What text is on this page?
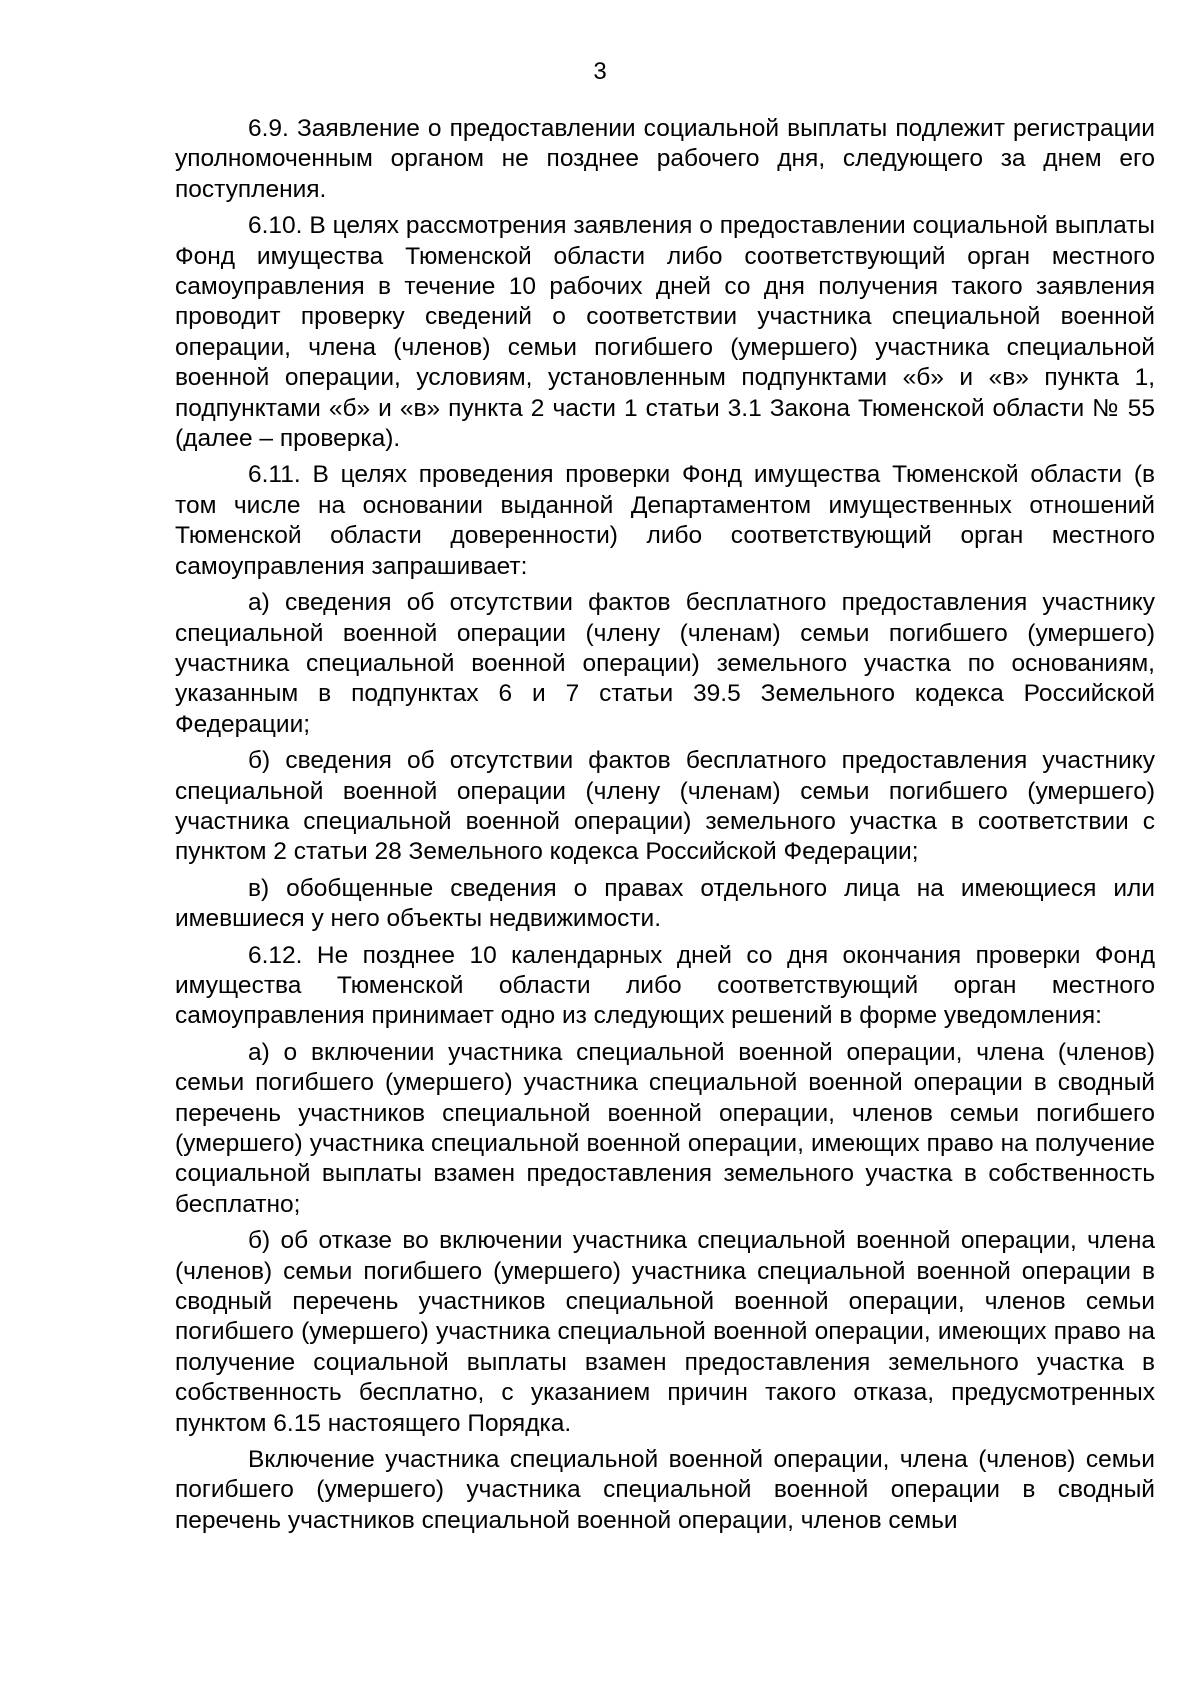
3

6.9. Заявление о предоставлении социальной выплаты подлежит регистрации уполномоченным органом не позднее рабочего дня, следующего за днем его поступления.

6.10. В целях рассмотрения заявления о предоставлении социальной выплаты Фонд имущества Тюменской области либо соответствующий орган местного самоуправления в течение 10 рабочих дней со дня получения такого заявления проводит проверку сведений о соответствии участника специальной военной операции, члена (членов) семьи погибшего (умершего) участника специальной военной операции, условиям, установленным подпунктами «б» и «в» пункта 1, подпунктами «б» и «в» пункта 2 части 1 статьи 3.1 Закона Тюменской области № 55 (далее – проверка).

6.11. В целях проведения проверки Фонд имущества Тюменской области (в том числе на основании выданной Департаментом имущественных отношений Тюменской области доверенности) либо соответствующий орган местного самоуправления запрашивает:

а) сведения об отсутствии фактов бесплатного предоставления участнику специальной военной операции (члену (членам) семьи погибшего (умершего) участника специальной военной операции) земельного участка по основаниям, указанным в подпунктах 6 и 7 статьи 39.5 Земельного кодекса Российской Федерации;

б) сведения об отсутствии фактов бесплатного предоставления участнику специальной военной операции (члену (членам) семьи погибшего (умершего) участника специальной военной операции) земельного участка в соответствии с пунктом 2 статьи 28 Земельного кодекса Российской Федерации;

в) обобщенные сведения о правах отдельного лица на имеющиеся или имевшиеся у него объекты недвижимости.

6.12. Не позднее 10 календарных дней со дня окончания проверки Фонд имущества Тюменской области либо соответствующий орган местного самоуправления принимает одно из следующих решений в форме уведомления:

а) о включении участника специальной военной операции, члена (членов) семьи погибшего (умершего) участника специальной военной операции в сводный перечень участников специальной военной операции, членов семьи погибшего (умершего) участника специальной военной операции, имеющих право на получение социальной выплаты взамен предоставления земельного участка в собственность бесплатно;

б) об отказе во включении участника специальной военной операции, члена (членов) семьи погибшего (умершего) участника специальной военной операции в сводный перечень участников специальной военной операции, членов семьи погибшего (умершего) участника специальной военной операции, имеющих право на получение социальной выплаты взамен предоставления земельного участка в собственность бесплатно, с указанием причин такого отказа, предусмотренных пунктом 6.15 настоящего Порядка.

Включение участника специальной военной операции, члена (членов) семьи погибшего (умершего) участника специальной военной операции в сводный перечень участников специальной военной операции, членов семьи
